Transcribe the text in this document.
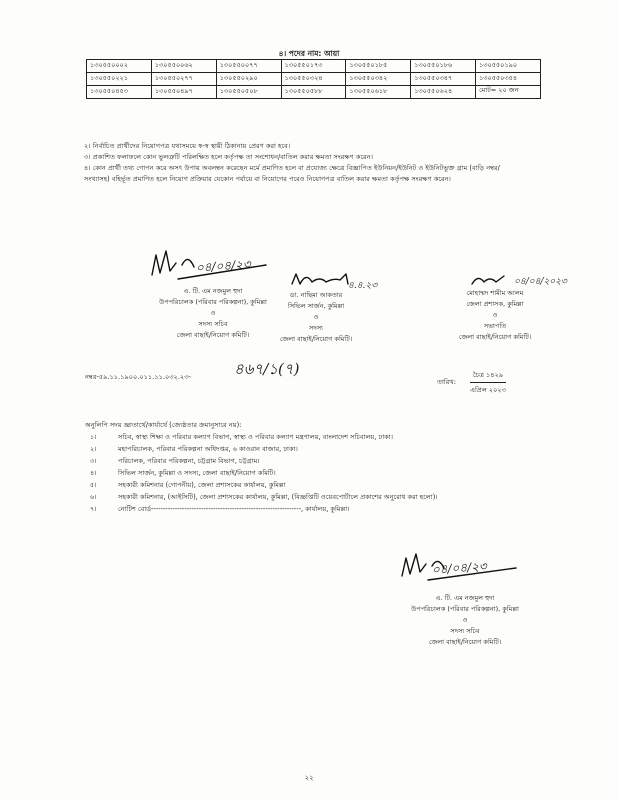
৪। পদের নাম: আয়া
১৩০৫৫০০০২	১৩০৫৫০০৬২	১৩০৫৫০০৭৭	১৩০৫৫০১৭৩	১৩০৫৫০১৮৫	১৩০৫৫০১৮৬	১৩০৫৫০১৯০
১৩০৫৫০২২১	১৩০৫৫০২৭৭	১৩০৫৫০২৯০	১৩০৫৫০৩২৪	১৩০৫৫০৩৪২	১৩০৫৫০৩৪৭	১৩০৫৫০৩৫৪
১৩০৫৫০৪৫৩	১৩০৫৫০৪৯৭	১৩০৫৫০৫০৮	১৩০৫৫০৫৮৮	১৩০৫৫০৬১৮	১৩০৫৫০৬২৪	মোট= ২০ জন

২। নির্বাচিত প্রার্থীদের নিয়োগপত্র যথাসময়ে স্ব-স্ব স্থায়ী ঠিকানায় প্রেরণ করা হবে।

৩। প্রকাশিত ফলাফলে কোন ভুলত্রুটি পরিলক্ষিত হলে কর্তৃপক্ষ তা সংশোধন/বাতিল করার ক্ষমতা সংরক্ষণ করেন।

৪। কোন প্রার্থী তথ্য গোপন করে অসৎ উপায় অবলম্বন করেছেন মর্মে প্রমাণিত হলে বা প্রযোজ্য ক্ষেত্রে বিজ্ঞাপিত ইউনিয়ন/ইউনিট ও ইউনিটভুক্ত গ্রাম (বাড়ি নম্বর/সংখ্যাসহ) বহির্ভূত প্রমাণিত হলে নিয়োগ প্রক্রিয়ার যেকোন পর্যায়ে বা নিয়োগের পরেও নিয়োগপত্র বাতিল করার ক্ষমতা কর্তৃপক্ষ সংরক্ষণ করেন।

০৪/০৪/২৩
এ. টি. এম নজমুল হুদা
উপপরিচালক (পরিবার পরিকল্পনা), কুমিল্লা
ও
সদস্য সচিব
জেলা বাছাই/নিয়োগ কমিটি।
৪.৪.২৩
ডা. নাছিমা আকতার
সিভিল সার্জন, কুমিল্লা
ও
সদস্য
জেলা বাছাই/নিয়োগ কমিটি।
০৪/০৪/২০২৩
মোহাম্মদ শামীম আলম
জেলা প্রশাসক, কুমিল্লা
ও
সভাপতি
জেলা বাছাই/নিয়োগ কমিটি।
নম্বর-৫৯.১১.১৯০০.০১১.১১.০৩২.২৩-	৪৬৭/১(৭)
তারিখ:
চৈত্র ১৪২৯
এপ্রিল ২০২৩
অনুলিপি সদয় জ্ঞাতার্থে/কার্যার্থে (জ্যেষ্ঠতার ক্রমানুসারে নয়):
১।	সচিব, স্বাস্থ্য শিক্ষা ও পরিবার কল্যাণ বিভাগ, স্বাস্থ্য ও পরিবার কল্যাণ মন্ত্রণালয়, বাংলাদেশ সচিবালয়, ঢাকা।
২।	মহাপরিচালক, পরিবার পরিকল্পনা অধিদপ্তর, ৬ কাওরান বাজার, ঢাকা।
৩।	পরিচালক, পরিবার পরিকল্পনা, চট্টগ্রাম বিভাগ, চট্টগ্রাম।
৪।	সিভিল সার্জন, কুমিল্লা ও সদস্য, জেলা বাছাই/নিয়োগ কমিটি।
৫।	সহকারী কমিশনার (গোপনীয়), জেলা প্রশাসকের কার্যালয়, কুমিল্লা
৬।	সহকারী কমিশনার, (আইসিটি), জেলা প্রশাসকের কার্যালয়, কুমিল্লা, (বিজ্ঞপ্তিটি ওয়েবপোর্টালে প্রকাশের অনুরোধ করা হলো)।
৭।	নোটিশ বোর্ড---------------------------------------------------------------, কার্যালয়, কুমিল্লা।
০৪/০৪/২৩
এ. টি. এম নজমুল হুদা
উপপরিচালক (পরিবার পরিকল্পনা), কুমিল্লা
ও
সদস্য সচিব
জেলা বাছাই/নিয়োগ কমিটি।
২২
